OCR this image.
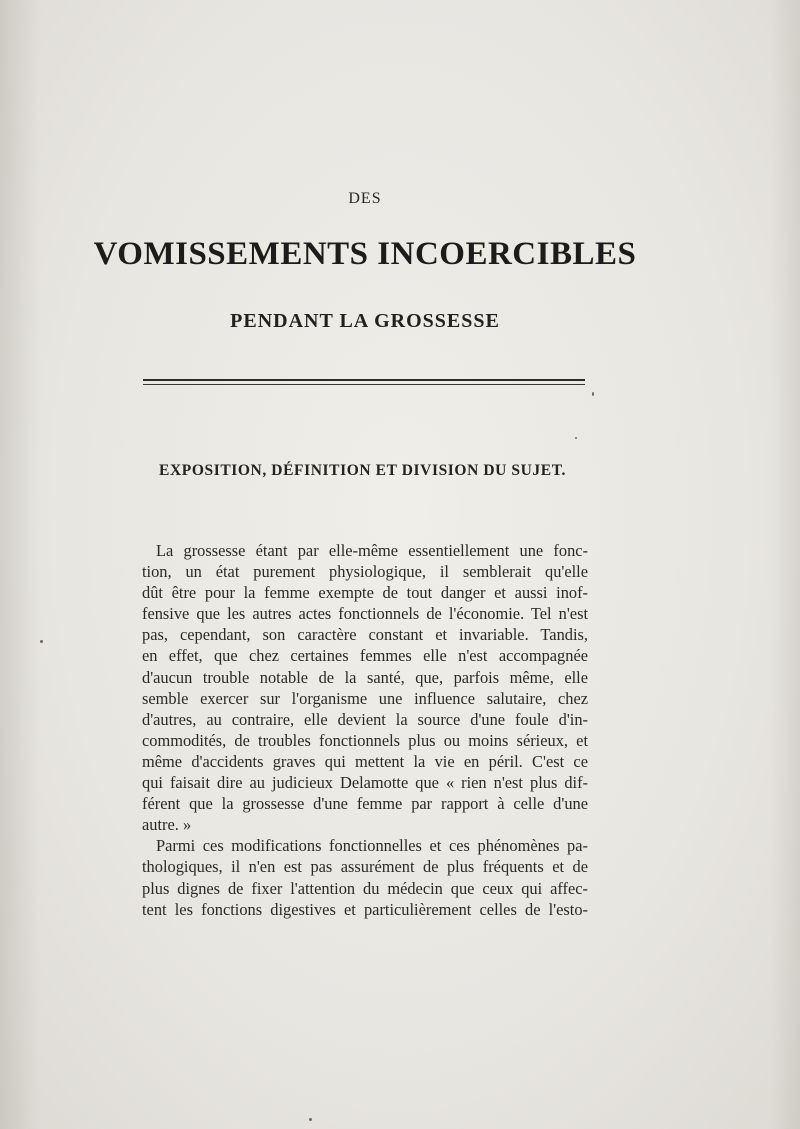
DES
VOMISSEMENTS INCOERCIBLES
PENDANT LA GROSSESSE
EXPOSITION, DÉFINITION ET DIVISION DU SUJET.
La grossesse étant par elle-même essentiellement une fonc-
tion, un état purement physiologique, il semblerait qu'elle
dût être pour la femme exempte de tout danger et aussi inof-
fensive que les autres actes fonctionnels de l'économie. Tel n'est
pas, cependant, son caractère constant et invariable. Tandis,
en effet, que chez certaines femmes elle n'est accompagnée
d'aucun trouble notable de la santé, que, parfois même, elle
semble exercer sur l'organisme une influence salutaire, chez
d'autres, au contraire, elle devient la source d'une foule d'in-
commodités, de troubles fonctionnels plus ou moins sérieux, et
même d'accidents graves qui mettent la vie en péril. C'est ce
qui faisait dire au judicieux Delamotte que « rien n'est plus dif-
férent que la grossesse d'une femme par rapport à celle d'une
autre. »
Parmi ces modifications fonctionnelles et ces phénomènes pa-
thologiques, il n'en est pas assurément de plus fréquents et de
plus dignes de fixer l'attention du médecin que ceux qui affec-
tent les fonctions digestives et particulièrement celles de l'esto-
